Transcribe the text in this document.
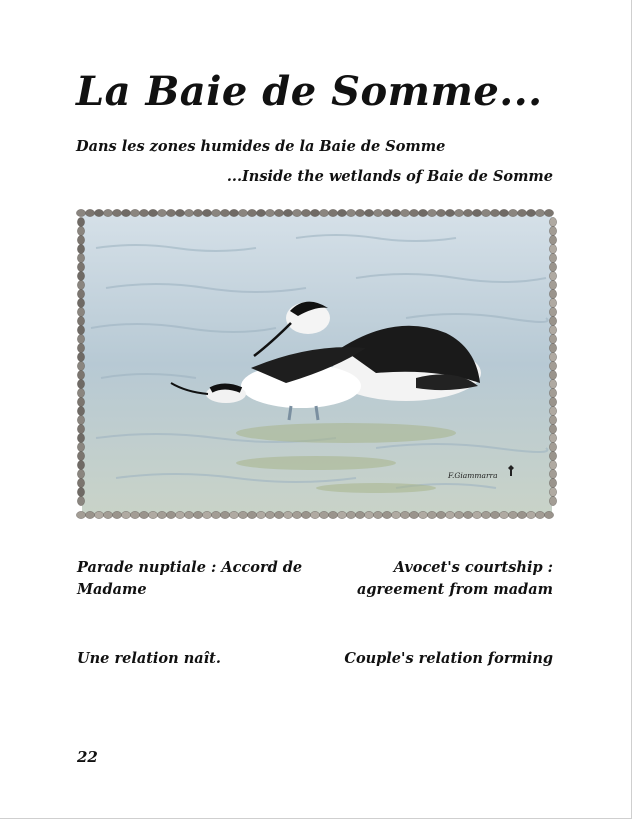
La Baie de Somme...
Dans les zones humides de la Baie de Somme
...Inside the wetlands of Baie de Somme
F.Giammarra
Parade nuptiale : Accord de Madame
Avocet's courtship : agreement from madam
Une relation naît.	Couple's relation forming
22
